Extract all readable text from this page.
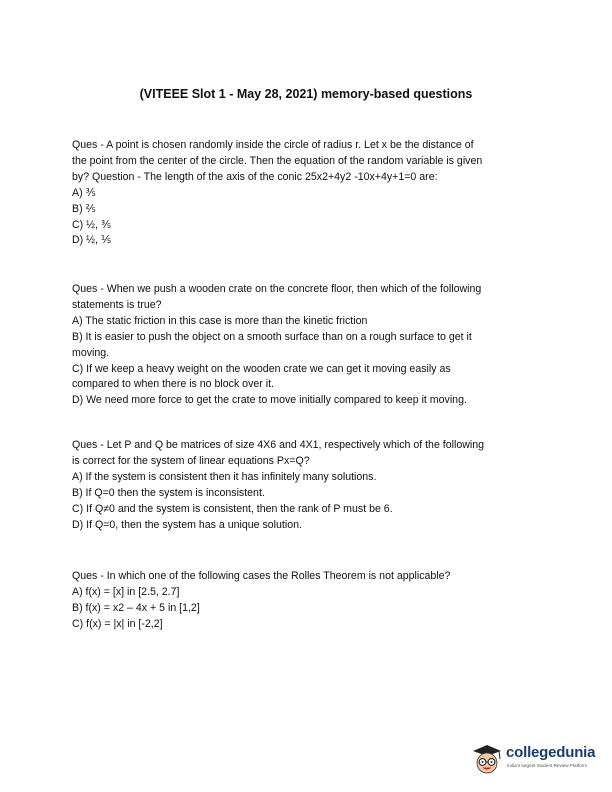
(VITEEE Slot 1 - May 28, 2021) memory-based questions
Ques - A point is chosen randomly inside the circle of radius r. Let x be the distance of
the point from the center of the circle. Then the equation of the random variable is given
by? Question - The length of the axis of the conic 25x2+4y2 -10x+4y+1=0 are:
A) ⅗
B) ⅖
C) ½, ⅗
D) ½, ⅕
Ques - When we push a wooden crate on the concrete floor, then which of the following
statements is true?
A) The static friction in this case is more than the kinetic friction
B) It is easier to push the object on a smooth surface than on a rough surface to get it
moving.
C) If we keep a heavy weight on the wooden crate we can get it moving easily as
compared to when there is no block over it.
D) We need more force to get the crate to move initially compared to keep it moving.
Ques - Let P and Q be matrices of size 4X6 and 4X1, respectively which of the following
is correct for the system of linear equations Px=Q?
A) If the system is consistent then it has infinitely many solutions.
B) If Q=0 then the system is inconsistent.
C) If Q≠0 and the system is consistent, then the rank of P must be 6.
D) If Q=0, then the system has a unique solution.
Ques - In which one of the following cases the Rolles Theorem is not applicable?
A) f(x) = [x] in [2.5, 2.7]
B) f(x) = x2 – 4x + 5 in [1,2]
C) f(x) = |x| in [-2,2]
collegedunia
India's largest Student Review Platform
